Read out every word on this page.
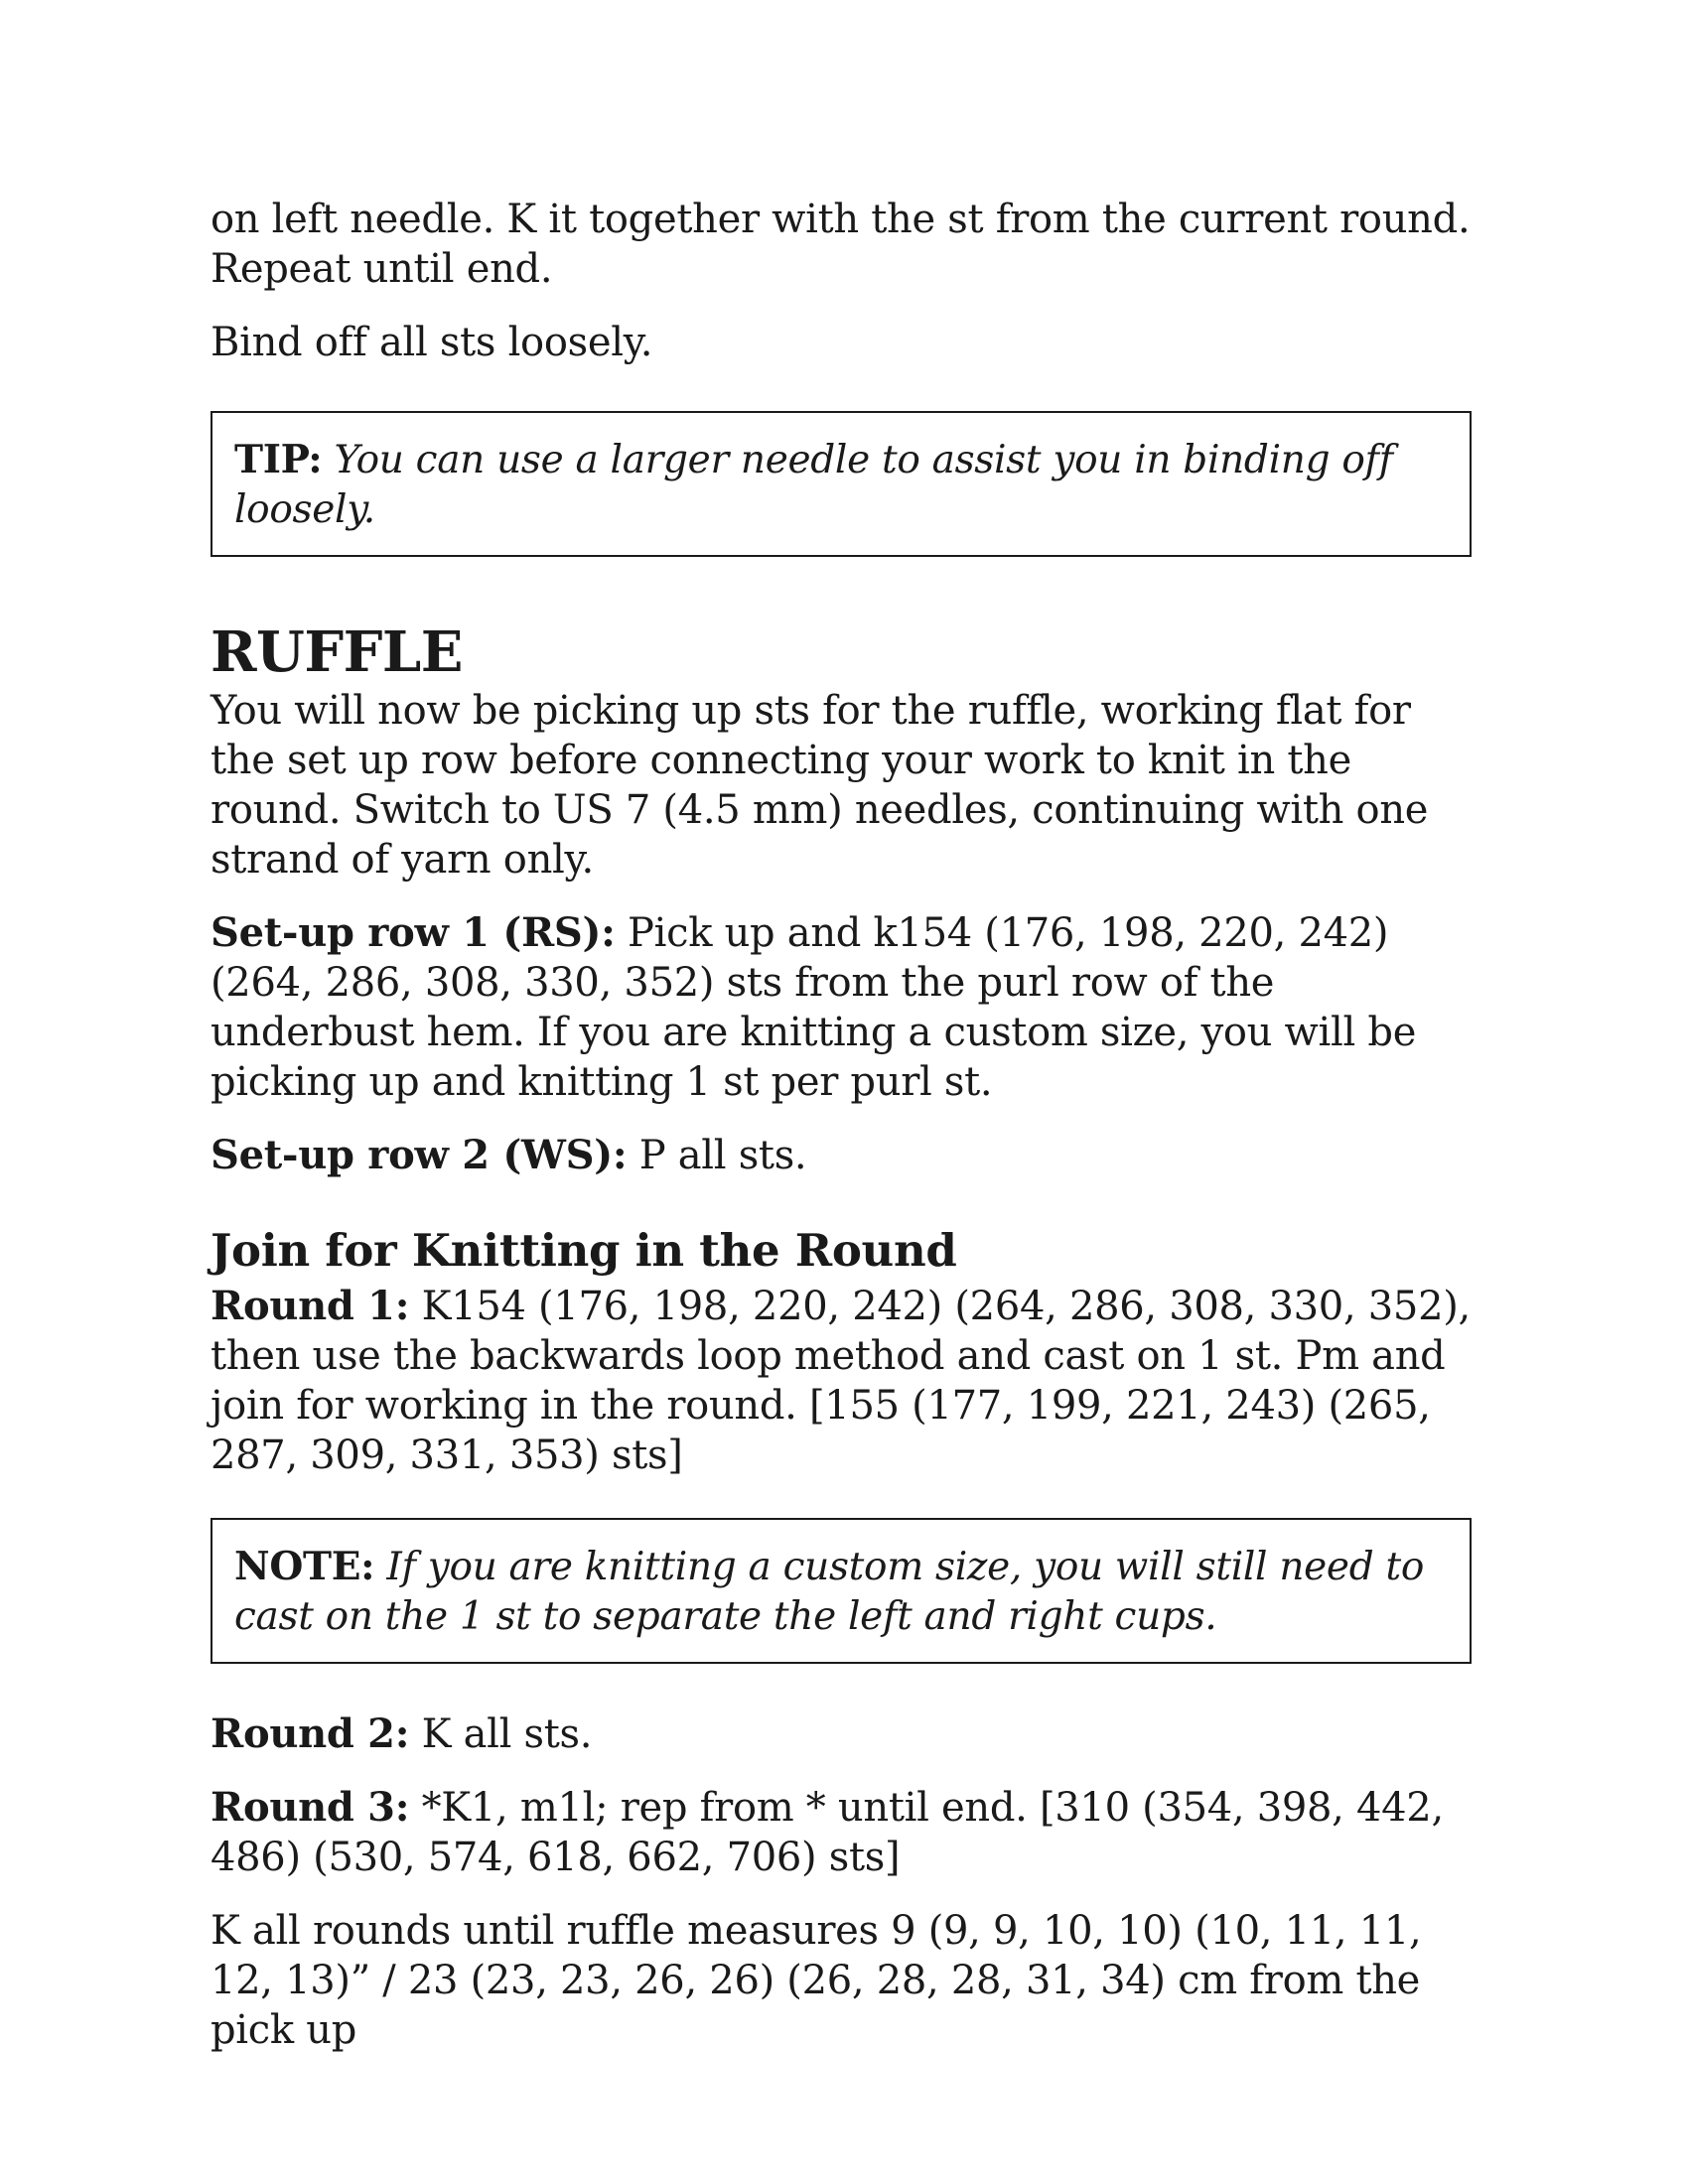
on left needle. K it together with the st from the current round. Repeat until end.

Bind off all sts loosely.

TIP: You can use a larger needle to assist you in binding off loosely.

RUFFLE

You will now be picking up sts for the ruffle, working flat for the set up row before connecting your work to knit in the round. Switch to US 7 (4.5 mm) needles, continuing with one strand of yarn only.

Set-up row 1 (RS): Pick up and k154 (176, 198, 220, 242) (264, 286, 308, 330, 352) sts from the purl row of the underbust hem. If you are knitting a custom size, you will be picking up and knitting 1 st per purl st.

Set-up row 2 (WS): P all sts.

Join for Knitting in the Round

Round 1: K154 (176, 198, 220, 242) (264, 286, 308, 330, 352), then use the backwards loop method and cast on 1 st. Pm and join for working in the round. [155 (177, 199, 221, 243) (265, 287, 309, 331, 353) sts]

NOTE: If you are knitting a custom size, you will still need to cast on the 1 st to separate the left and right cups.

Round 2: K all sts.

Round 3: *K1, m1l; rep from * until end. [310 (354, 398, 442, 486) (530, 574, 618, 662, 706) sts]

K all rounds until ruffle measures 9 (9, 9, 10, 10) (10, 11, 11, 12, 13)” / 23 (23, 23, 26, 26) (26, 28, 28, 31, 34) cm from the pick up
